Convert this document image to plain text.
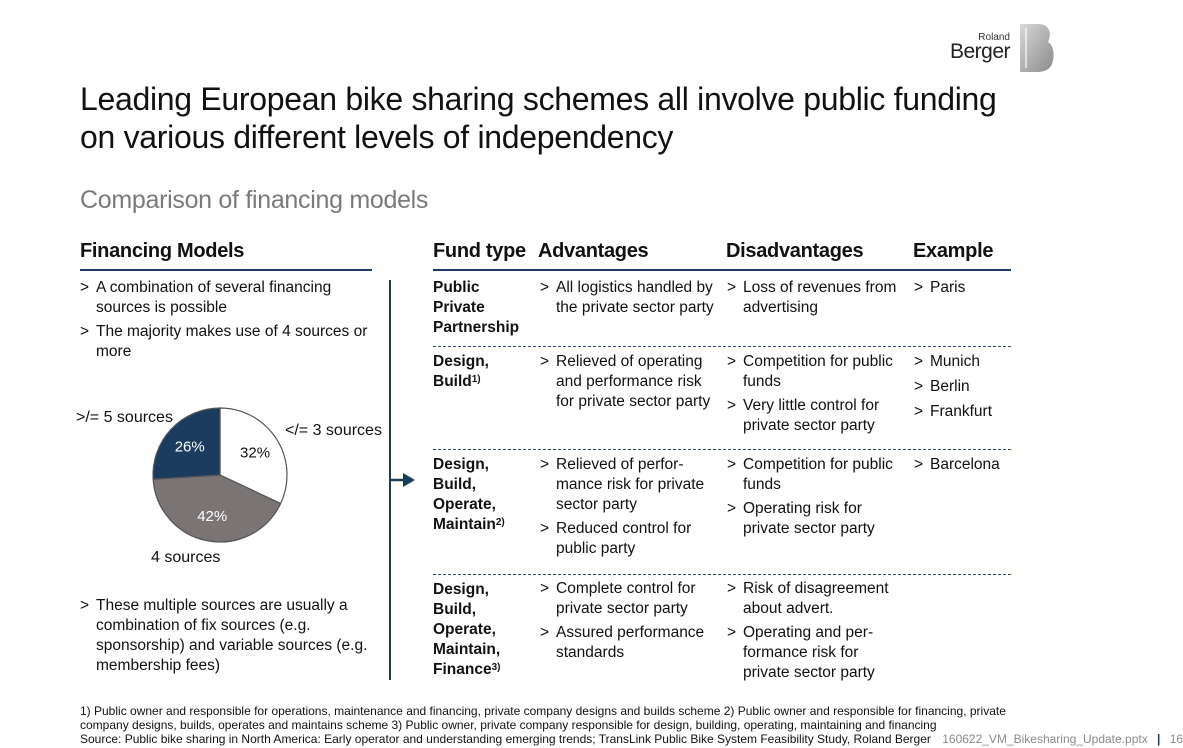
Roland
Berger
Leading European bike sharing schemes all involve public funding
on various different levels of independency
Comparison of financing models
Financing Models
> A combination of several financing
sources is possible
> The majority makes use of 4 sources or
more
32%
42%
26%
>/= 5 sources
</= 3 sources
4 sources
> These multiple sources are usually a
combination of fix sources (e.g.
sponsorship) and variable sources (e.g.
membership fees)
Fund type Advantages	Disadvantages Example
Public
Private
Partnership
> All logistics handled by
the private sector party
> Loss of revenues from
advertising
> Paris
Design,
Build$^{1)}$
> Relieved of operating
and performance risk
for private sector party
> Competition for public
funds
> Very little control for
private sector party
> Munich
> Berlin
> Frankfurt
Design,
Build,
Operate,
Maintain$^{2)}$
> Relieved of perfor-
mance risk for private
sector party
> Reduced control for
public party
> Competition for public
funds
> Operating risk for
private sector party
> Barcelona
Design,
Build,
Operate,
Maintain,
Finance$^{3)}$
> Complete control for
private sector party
> Assured performance
standards
> Risk of disagreement
about advert.
> Operating and per-
formance risk for
private sector party
1) Public owner and responsible for operations, maintenance and financing, private company designs and builds scheme 2) Public owner and responsible for financing, private
company designs, builds, operates and maintains scheme 3) Public owner, private company responsible for design, building, operating, maintaining and financing
Source: Public bike sharing in North America: Early operator and understanding emerging trends; TransLink Public Bike System Feasibility Study, Roland Berger 160622_VM_Bikesharing_Update.pptx | 16
